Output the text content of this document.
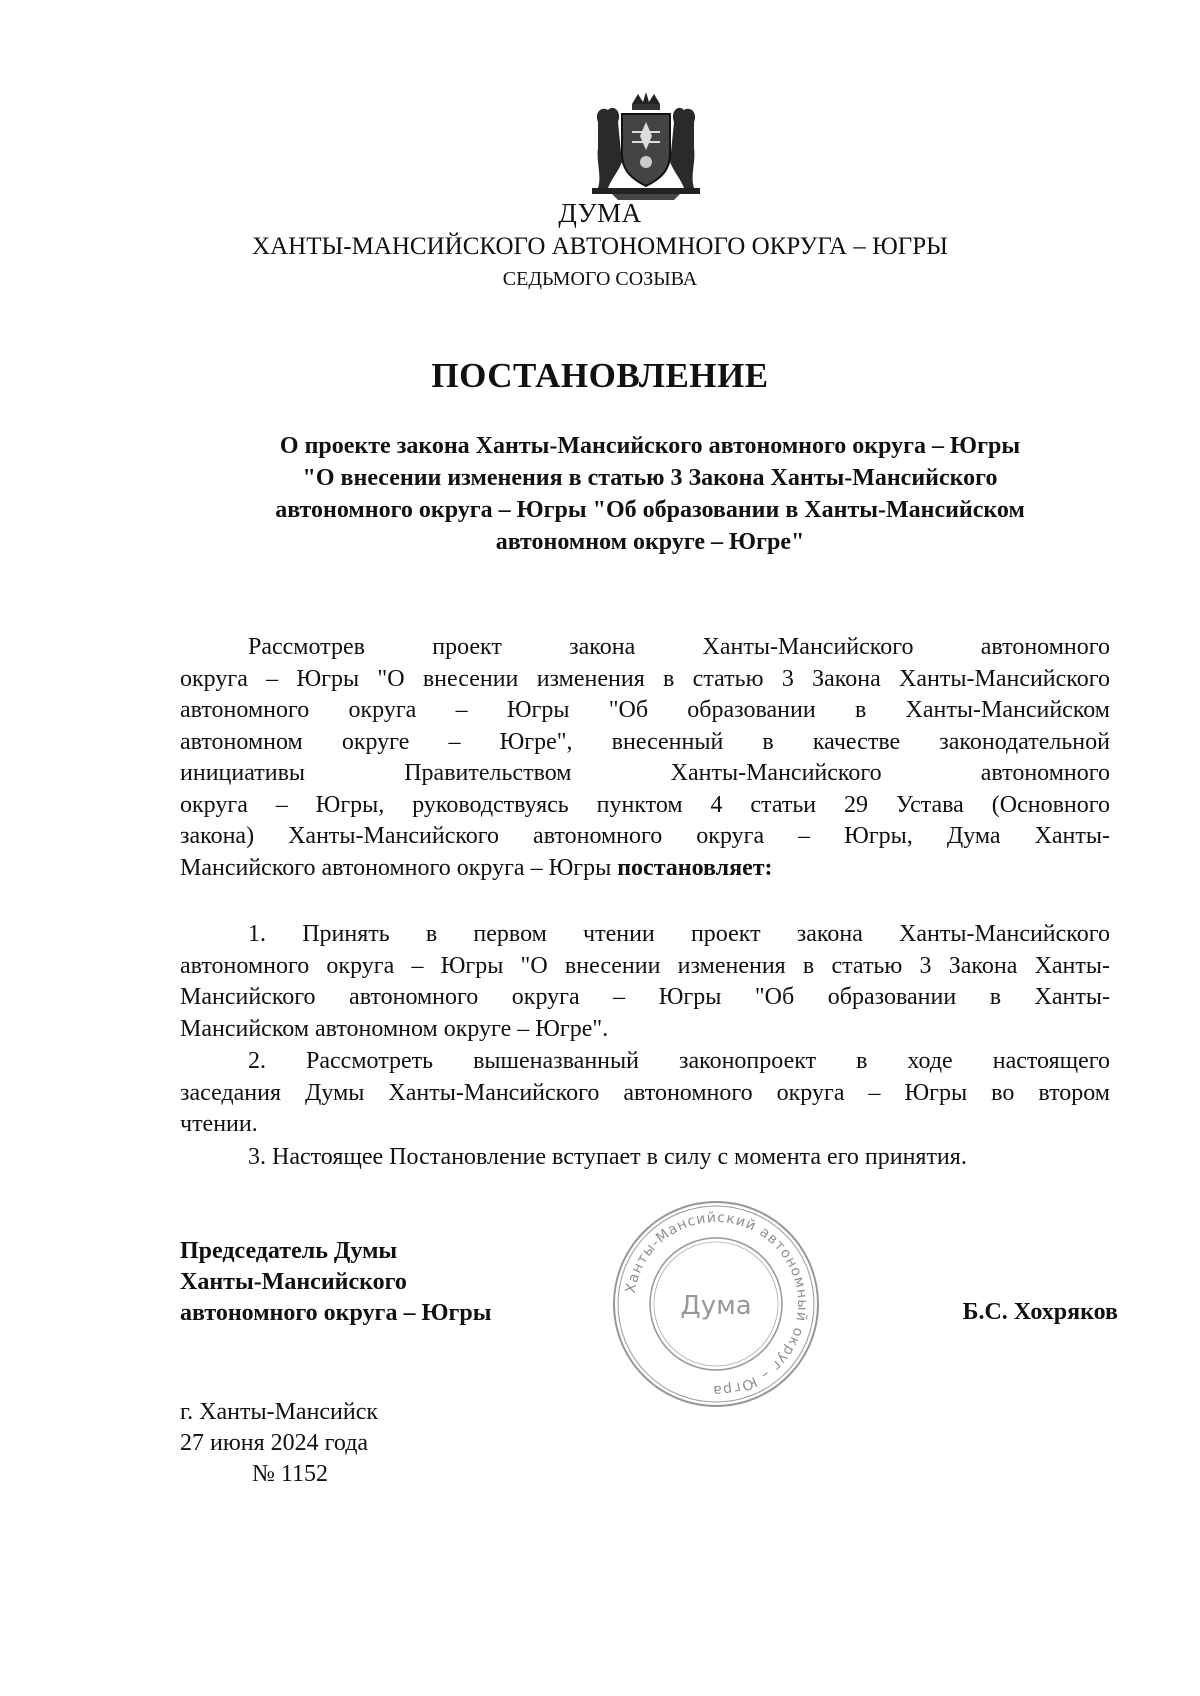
ДУМА

ХАНТЫ-МАНСИЙСКОГО АВТОНОМНОГО ОКРУГА – ЮГРЫ

СЕДЬМОГО СОЗЫВА

ПОСТАНОВЛЕНИЕ

О проекте закона Ханты-Мансийского автономного округа – Югры
"О внесении изменения в статью 3 Закона Ханты-Мансийского
автономного округа – Югры "Об образовании в Ханты-Мансийском
автономном округе – Югре"

Рассмотрев проект закона Ханты-Мансийского автономного
округа – Югры "О внесении изменения в статью 3 Закона Ханты-Мансийского
автономного округа – Югры "Об образовании в Ханты-Мансийском
автономном округе – Югре", внесенный в качестве законодательной
инициативы Правительством Ханты-Мансийского автономного
округа – Югры, руководствуясь пунктом 4 статьи 29 Устава (Основного
закона) Ханты-Мансийского автономного округа – Югры, Дума Ханты-
Мансийского автономного округа – Югры постановляет:
1. Принять в первом чтении проект закона Ханты-Мансийского
автономного округа – Югры "О внесении изменения в статью 3 Закона Ханты-
Мансийского автономного округа – Югры "Об образовании в Ханты-
Мансийском автономном округе – Югре".
2. Рассмотреть вышеназванный законопроект в ходе настоящего
заседания Думы Ханты-Мансийского автономного округа – Югры во втором
чтении.
3. Настоящее Постановление вступает в силу с момента его принятия.

Председатель Думы
Ханты-Мансийского
автономного округа – Югры

Ханты-Мансийский автономный округ – Югра
Дума	Б.С. Хохряков

г. Ханты-Мансийск
27 июня 2024 года
№ 1152
